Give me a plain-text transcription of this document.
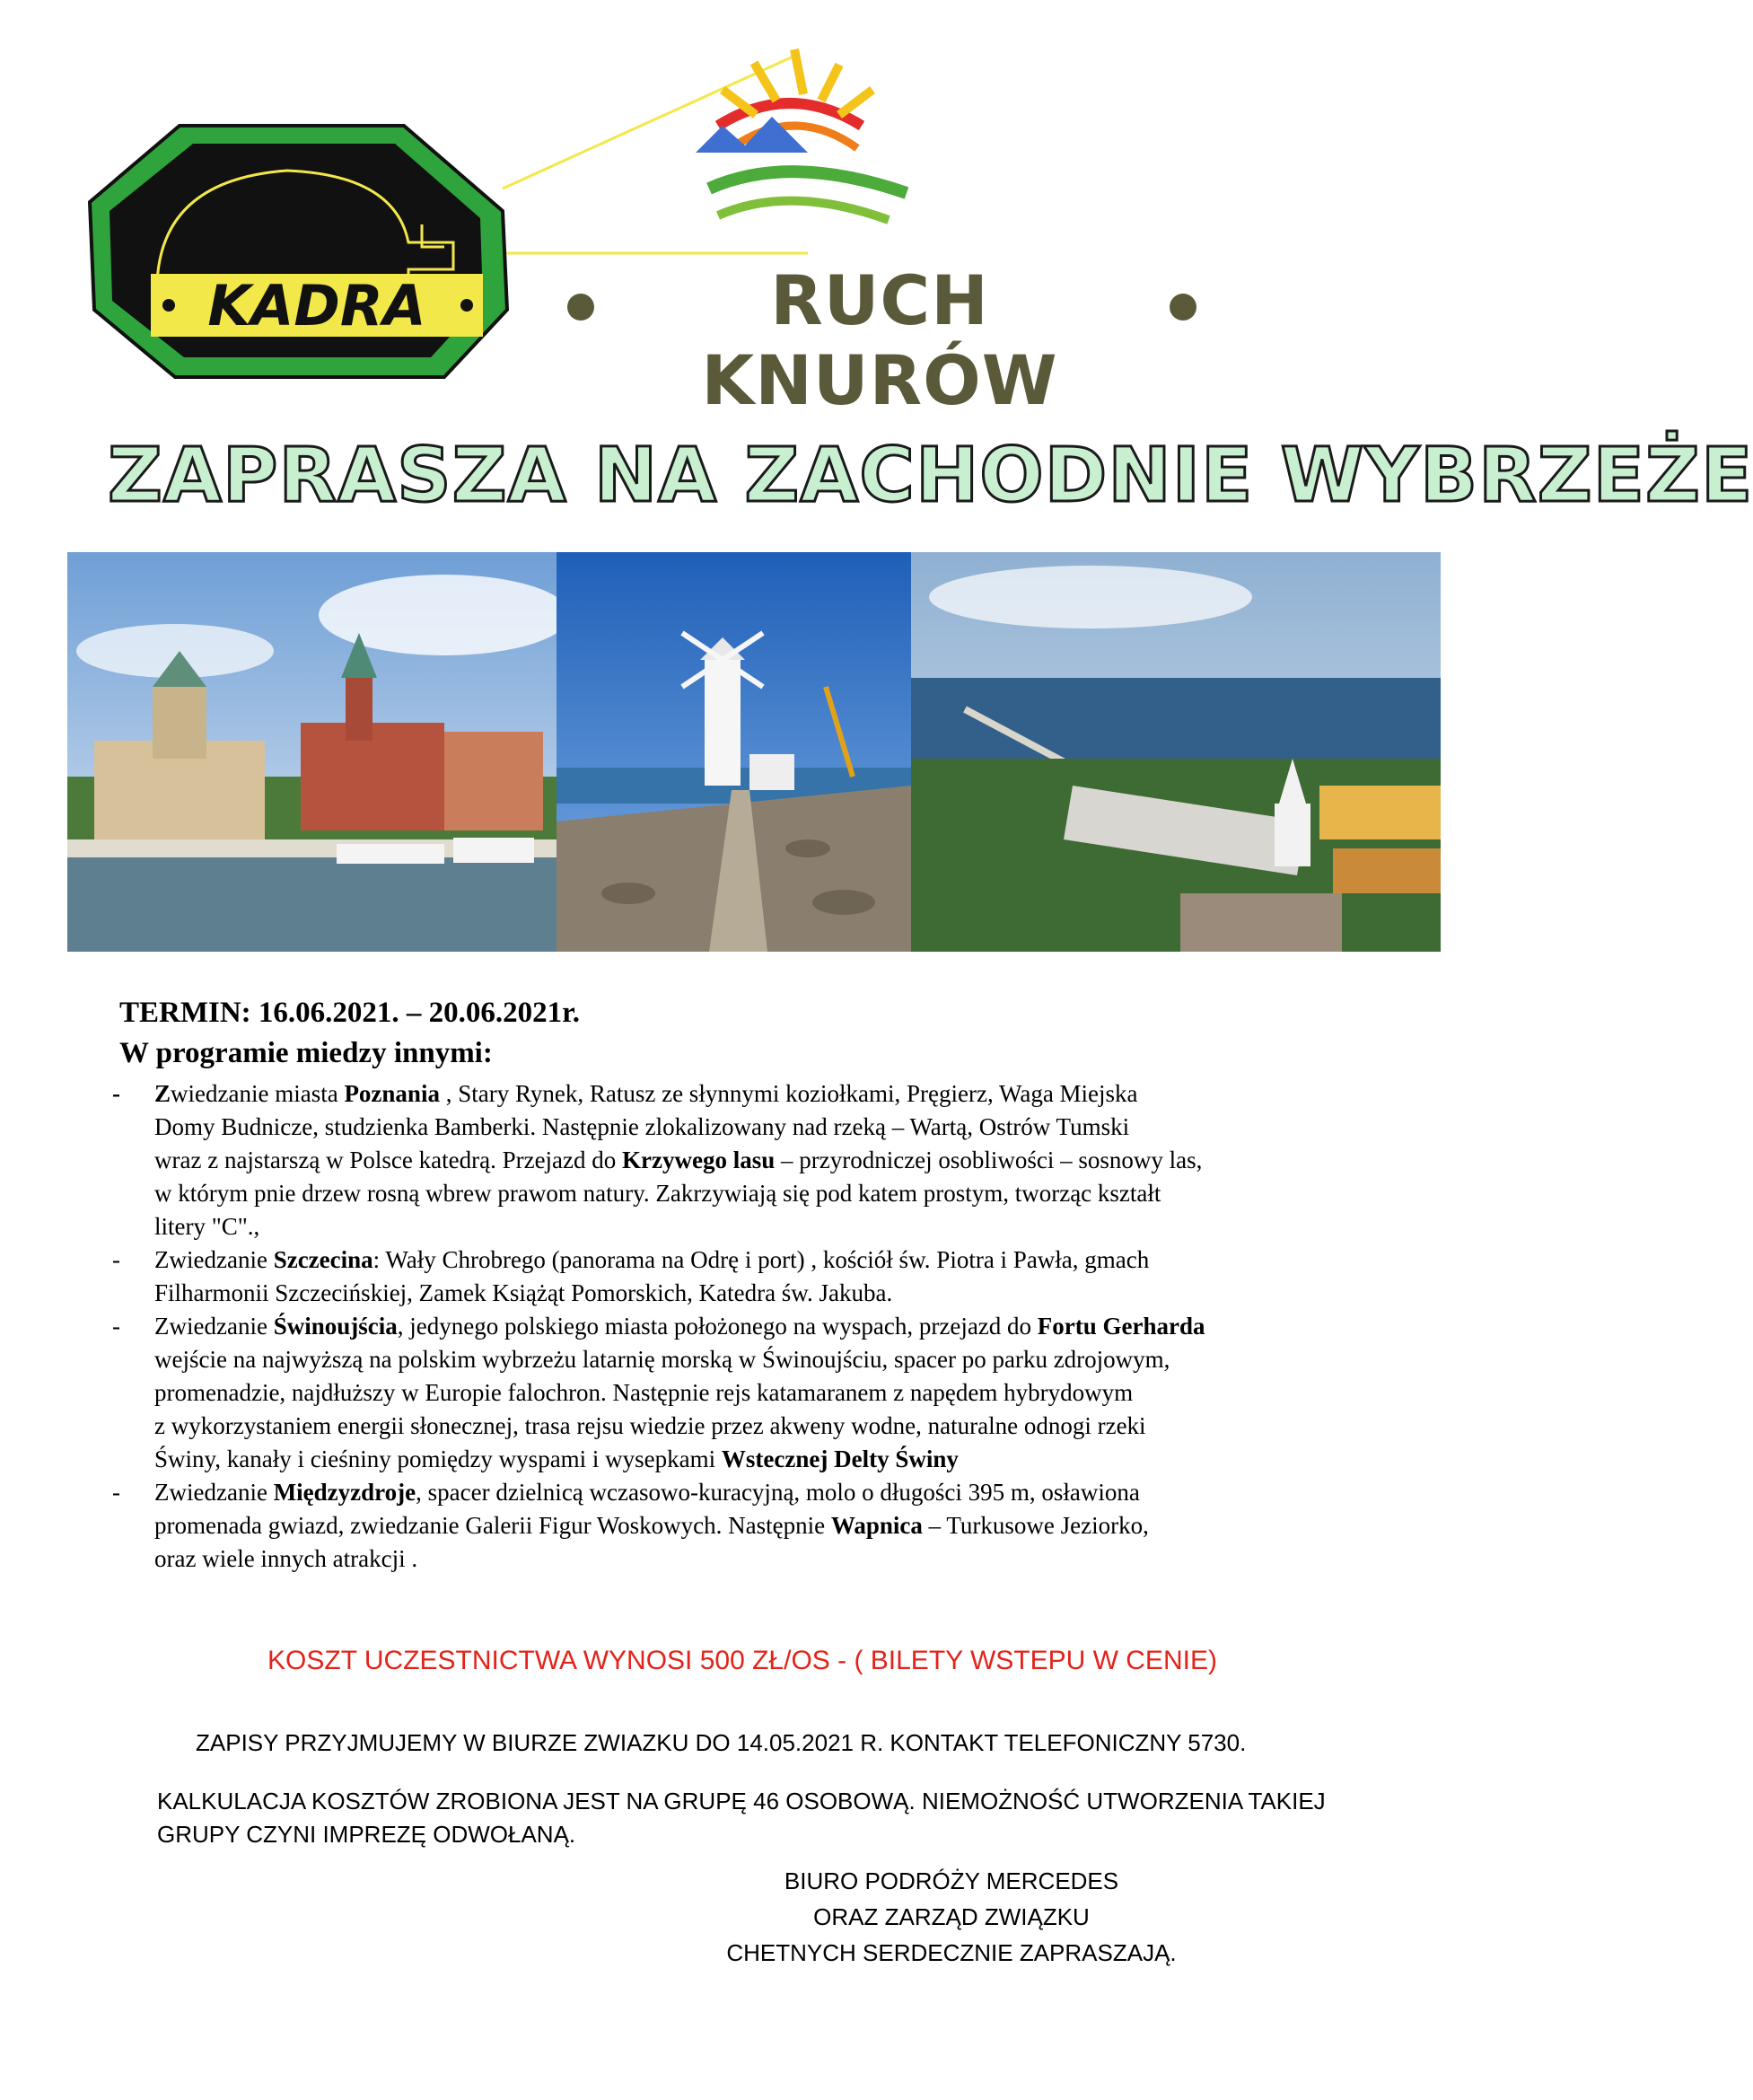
KADRA	RUCH KNURÓW
ZAPRASZA NA ZACHODNIE WYBRZEŻE
TERMIN: 16.06.2021. – 20.06.2021r.
W programie miedzy innymi:
- Zwiedzanie miasta Poznania , Stary Rynek, Ratusz ze słynnymi koziołkami, Pręgierz, Waga Miejska

Domy Budnicze, studzienka Bamberki. Następnie zlokalizowany nad rzeką – Wartą, Ostrów Tumski

wraz z najstarszą w Polsce katedrą. Przejazd do Krzywego lasu – przyrodniczej osobliwości – sosnowy las,

w którym pnie drzew rosną wbrew prawom natury. Zakrzywiają się pod katem prostym, tworząc kształt

litery "C".,

- Zwiedzanie Szczecina: Wały Chrobrego (panorama na Odrę i port) , kościół św. Piotra i Pawła, gmach

Filharmonii Szczecińskiej, Zamek Książąt Pomorskich, Katedra św. Jakuba.

- Zwiedzanie Świnoujścia, jedynego polskiego miasta położonego na wyspach, przejazd do Fortu Gerharda

wejście na najwyższą na polskim wybrzeżu latarnię morską w Świnoujściu, spacer po parku zdrojowym,

promenadzie, najdłuższy w Europie falochron. Następnie rejs katamaranem z napędem hybrydowym

z wykorzystaniem energii słonecznej, trasa rejsu wiedzie przez akweny wodne, naturalne odnogi rzeki

Świny, kanały i cieśniny pomiędzy wyspami i wysepkami Wstecznej Delty Świny

- Zwiedzanie Międzyzdroje, spacer dzielnicą wczasowo-kuracyjną, molo o długości 395 m, osławiona

promenada gwiazd, zwiedzanie Galerii Figur Woskowych. Następnie Wapnica – Turkusowe Jeziorko,

oraz wiele innych atrakcji .

KOSZT UCZESTNICTWA WYNOSI 500 ZŁ/OS - ( BILETY WSTEPU W CENIE)
ZAPISY PRZYJMUJEMY W BIURZE ZWIAZKU DO 14.05.2021 R. KONTAKT TELEFONICZNY 5730.
KALKULACJA KOSZTÓW ZROBIONA JEST NA GRUPĘ 46 OSOBOWĄ. NIEMOŻNOŚĆ UTWORZENIA TAKIEJ
GRUPY CZYNI IMPREZĘ ODWOŁANĄ.
BIURO PODRÓŻY MERCEDES
ORAZ ZARZĄD ZWIĄZKU
CHETNYCH SERDECZNIE ZAPRASZAJĄ.
